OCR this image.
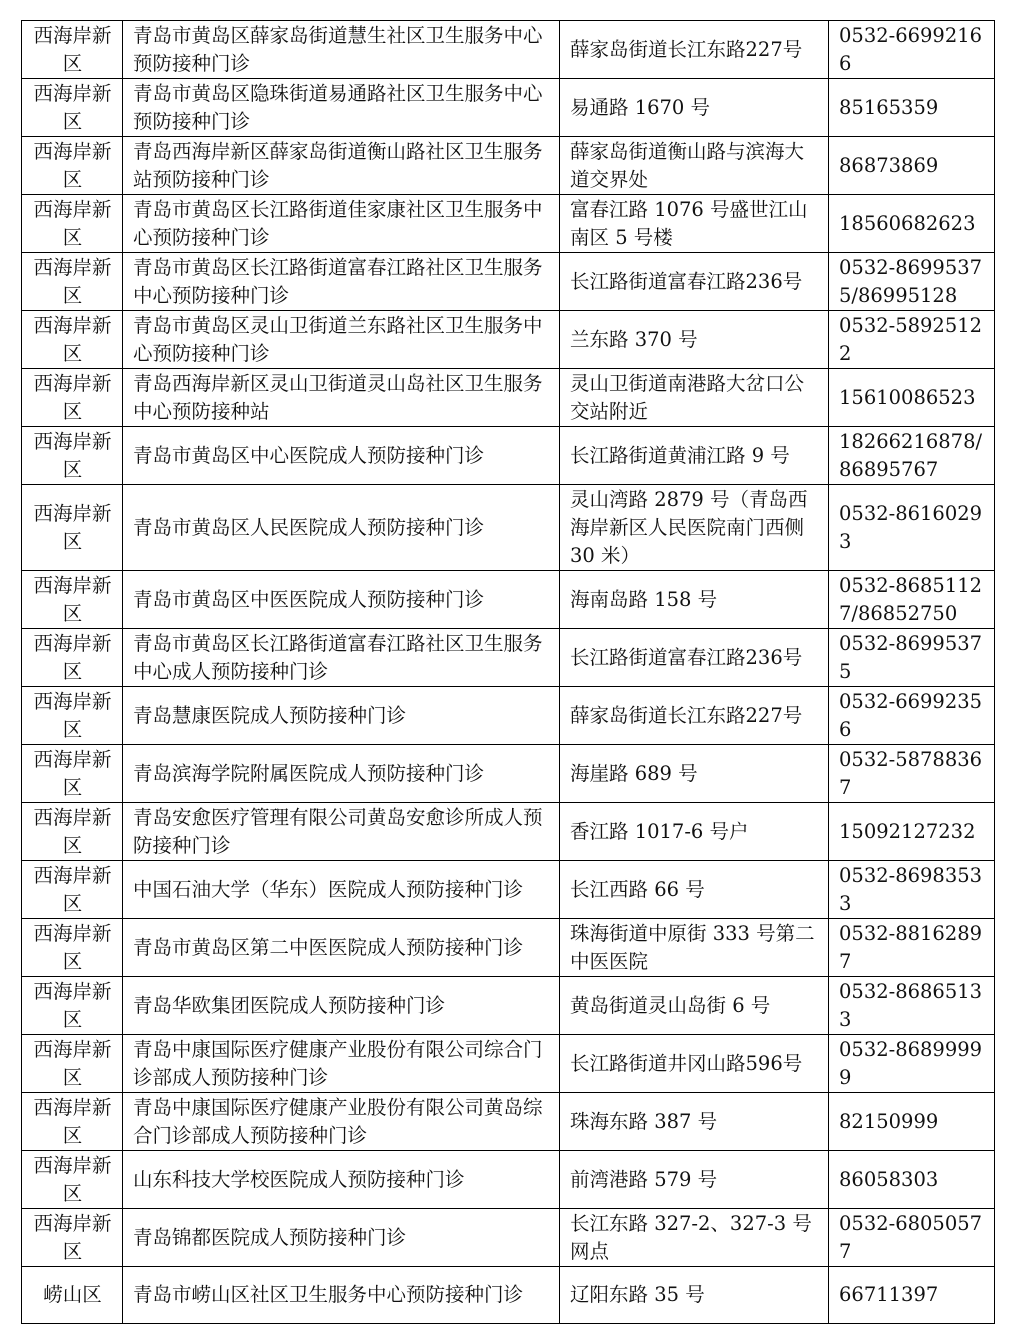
西海岸新区	青岛市黄岛区薛家岛街道慧生社区卫生服务中心预防接种门诊	薛家岛街道长江东路227号	0532-66992166
西海岸新区	青岛市黄岛区隐珠街道易通路社区卫生服务中心预防接种门诊	易通路 1670 号	85165359
西海岸新区	青岛西海岸新区薛家岛街道衡山路社区卫生服务站预防接种门诊	薛家岛街道衡山路与滨海大道交界处	86873869
西海岸新区	青岛市黄岛区长江路街道佳家康社区卫生服务中心预防接种门诊	富春江路 1076 号盛世江山南区 5 号楼	18560682623
西海岸新区	青岛市黄岛区长江路街道富春江路社区卫生服务中心预防接种门诊	长江路街道富春江路236号	0532-86995375/86995128
西海岸新区	青岛市黄岛区灵山卫街道兰东路社区卫生服务中心预防接种门诊	兰东路 370 号	0532-58925122
西海岸新区	青岛西海岸新区灵山卫街道灵山岛社区卫生服务中心预防接种站	灵山卫街道南港路大岔口公交站附近	15610086523
西海岸新区	青岛市黄岛区中心医院成人预防接种门诊	长江路街道黄浦江路 9 号	18266216878/86895767
西海岸新区	青岛市黄岛区人民医院成人预防接种门诊	灵山湾路 2879 号（青岛西海岸新区人民医院南门西侧 30 米）	0532-86160293
西海岸新区	青岛市黄岛区中医医院成人预防接种门诊	海南岛路 158 号	0532-86851127/86852750
西海岸新区	青岛市黄岛区长江路街道富春江路社区卫生服务中心成人预防接种门诊	长江路街道富春江路236号	0532-86995375
西海岸新区	青岛慧康医院成人预防接种门诊	薛家岛街道长江东路227号	0532-66992356
西海岸新区	青岛滨海学院附属医院成人预防接种门诊	海崖路 689 号	0532-58788367
西海岸新区	青岛安愈医疗管理有限公司黄岛安愈诊所成人预防接种门诊	香江路 1017-6 号户	15092127232
西海岸新区	中国石油大学（华东）医院成人预防接种门诊	长江西路 66 号	0532-86983533
西海岸新区	青岛市黄岛区第二中医医院成人预防接种门诊	珠海街道中原街 333 号第二中医医院	0532-88162897
西海岸新区	青岛华欧集团医院成人预防接种门诊	黄岛街道灵山岛街 6 号	0532-86865133
西海岸新区	青岛中康国际医疗健康产业股份有限公司综合门诊部成人预防接种门诊	长江路街道井冈山路596号	0532-86899999
西海岸新区	青岛中康国际医疗健康产业股份有限公司黄岛综合门诊部成人预防接种门诊	珠海东路 387 号	82150999
西海岸新区	山东科技大学校医院成人预防接种门诊	前湾港路 579 号	86058303
西海岸新区	青岛锦都医院成人预防接种门诊	长江东路 327-2、327-3 号网点	0532-68050577
崂山区	青岛市崂山区社区卫生服务中心预防接种门诊	辽阳东路 35 号	66711397
